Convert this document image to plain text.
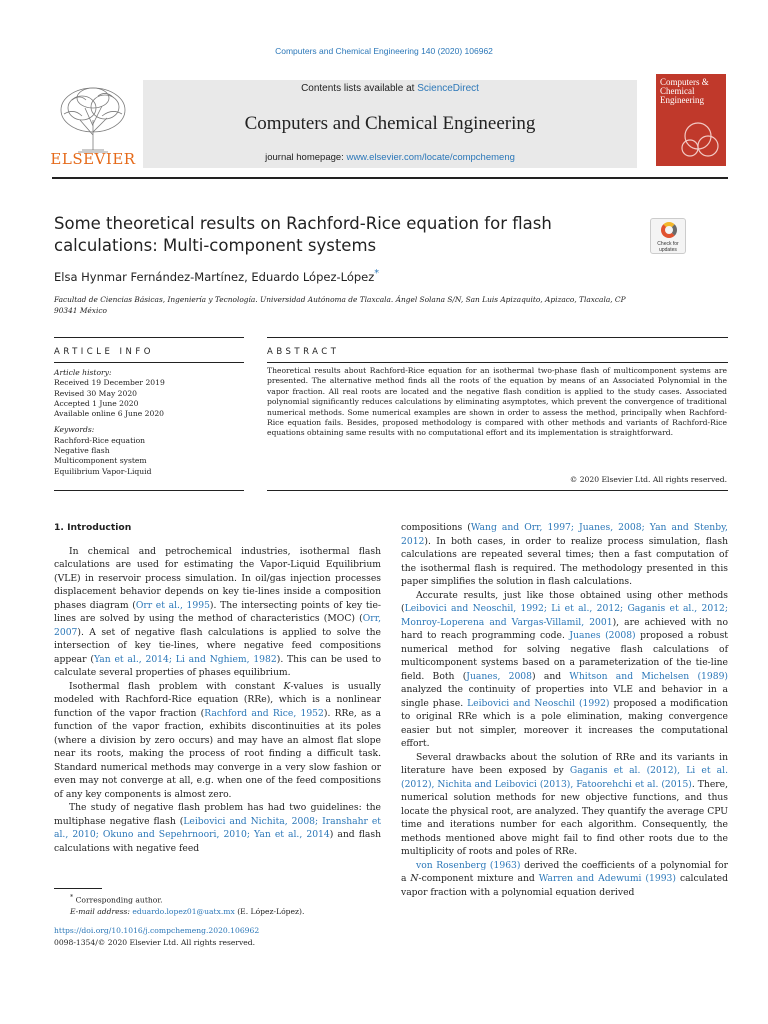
Computers and Chemical Engineering 140 (2020) 106962
ELSEVIER
Contents lists available at ScienceDirect
Computers and Chemical Engineering
journal homepage: www.elsevier.com/locate/compchemeng
Computers & Chemical Engineering
Some theoretical results on Rachford-Rice equation for flash calculations: Multi-component systems	Check for updates
Elsa Hynmar Fernández-Martínez, Eduardo López-López*
Facultad de Ciencias Básicas, Ingeniería y Tecnología. Universidad Autónoma de Tlaxcala. Ángel Solana S/N, San Luis Apizaquito, Apizaco, Tlaxcala, CP 90341 México
ARTICLE INFO	ABSTRACT
Article history:
Received 19 December 2019
Revised 30 May 2020
Accepted 1 June 2020
Available online 6 June 2020
Keywords:
Rachford-Rice equation
Negative flash
Multicomponent system
Equilibrium Vapor-Liquid
Theoretical results about Rachford-Rice equation for an isothermal two-phase flash of multicomponent systems are presented. The alternative method finds all the roots of the equation by means of an Associated Polynomial in the vapor fraction. All real roots are located and the negative flash condition is applied to the study cases. Associated polynomial significantly reduces calculations by eliminating asymptotes, which prevent the convergence of traditional numerical methods. Some numerical examples are shown in order to assess the method, principally when Rachford-Rice equation fails. Besides, proposed methodology is compared with other methods and variants of Rachford-Rice equations obtaining same results with no computational effort and its implementation is straightforward.
© 2020 Elsevier Ltd. All rights reserved.
1. Introduction

In chemical and petrochemical industries, isothermal flash calculations are used for estimating the Vapor-Liquid Equilibrium (VLE) in reservoir process simulation. In oil/gas injection processes displacement behavior depends on key tie-lines inside a composition phases diagram (Orr et al., 1995). The intersecting points of key tie-lines are solved by using the method of characteristics (MOC) (Orr, 2007). A set of negative flash calculations is applied to solve the intersection of key tie-lines, where negative feed compositions appear (Yan et al., 2014; Li and Nghiem, 1982). This can be used to calculate several properties of phases equilibrium.

Isothermal flash problem with constant K-values is usually modeled with Rachford-Rice equation (RRe), which is a nonlinear function of the vapor fraction (Rachford and Rice, 1952). RRe, as a function of the vapor fraction, exhibits discontinuities at its poles (where a division by zero occurs) and may have an almost flat slope near its roots, making the process of root finding a difficult task. Standard numerical methods may converge in a very slow fashion or even may not converge at all, e.g. when one of the feed compositions of any key components is almost zero.

The study of negative flash problem has had two guidelines: the multiphase negative flash (Leibovici and Nichita, 2008; Iranshahr et al., 2010; Okuno and Sepehrnoori, 2010; Yan et al., 2014) and flash calculations with negative feed

compositions (Wang and Orr, 1997; Juanes, 2008; Yan and Stenby, 2012). In both cases, in order to realize process simulation, flash calculations are repeated several times; then a fast computation of the isothermal flash is required. The methodology presented in this paper simplifies the solution in flash calculations.

Accurate results, just like those obtained using other methods (Leibovici and Neoschil, 1992; Li et al., 2012; Gaganis et al., 2012; Monroy-Loperena and Vargas-Villamil, 2001), are achieved with no hard to reach programming code. Juanes (2008) proposed a robust numerical method for solving negative flash calculations of multicomponent systems based on a parameterization of the tie-line field. Both (Juanes, 2008) and Whitson and Michelsen (1989) analyzed the continuity of properties into VLE and behavior in a single phase. Leibovici and Neoschil (1992) proposed a modification to original RRe which is a pole elimination, making convergence easier but not simpler, moreover it increases the computational effort.

Several drawbacks about the solution of RRe and its variants in literature have been exposed by Gaganis et al. (2012), Li et al. (2012), Nichita and Leibovici (2013), Fatoorehchi et al. (2015). There, numerical solution methods for new objective functions, and thus locate the physical root, are analyzed. They quantify the average CPU time and iterations number for each algorithm. Consequently, the methods mentioned above might fail to find other roots due to the multiplicity of roots and poles of RRe.

von Rosenberg (1963) derived the coefficients of a polynomial for a N-component mixture and Warren and Adewumi (1993) calculated vapor fraction with a polynomial equation derived

* Corresponding author.
E-mail address: eduardo.lopez01@uatx.mx (E. López-López).
https://doi.org/10.1016/j.compchemeng.2020.106962
0098-1354/© 2020 Elsevier Ltd. All rights reserved.
